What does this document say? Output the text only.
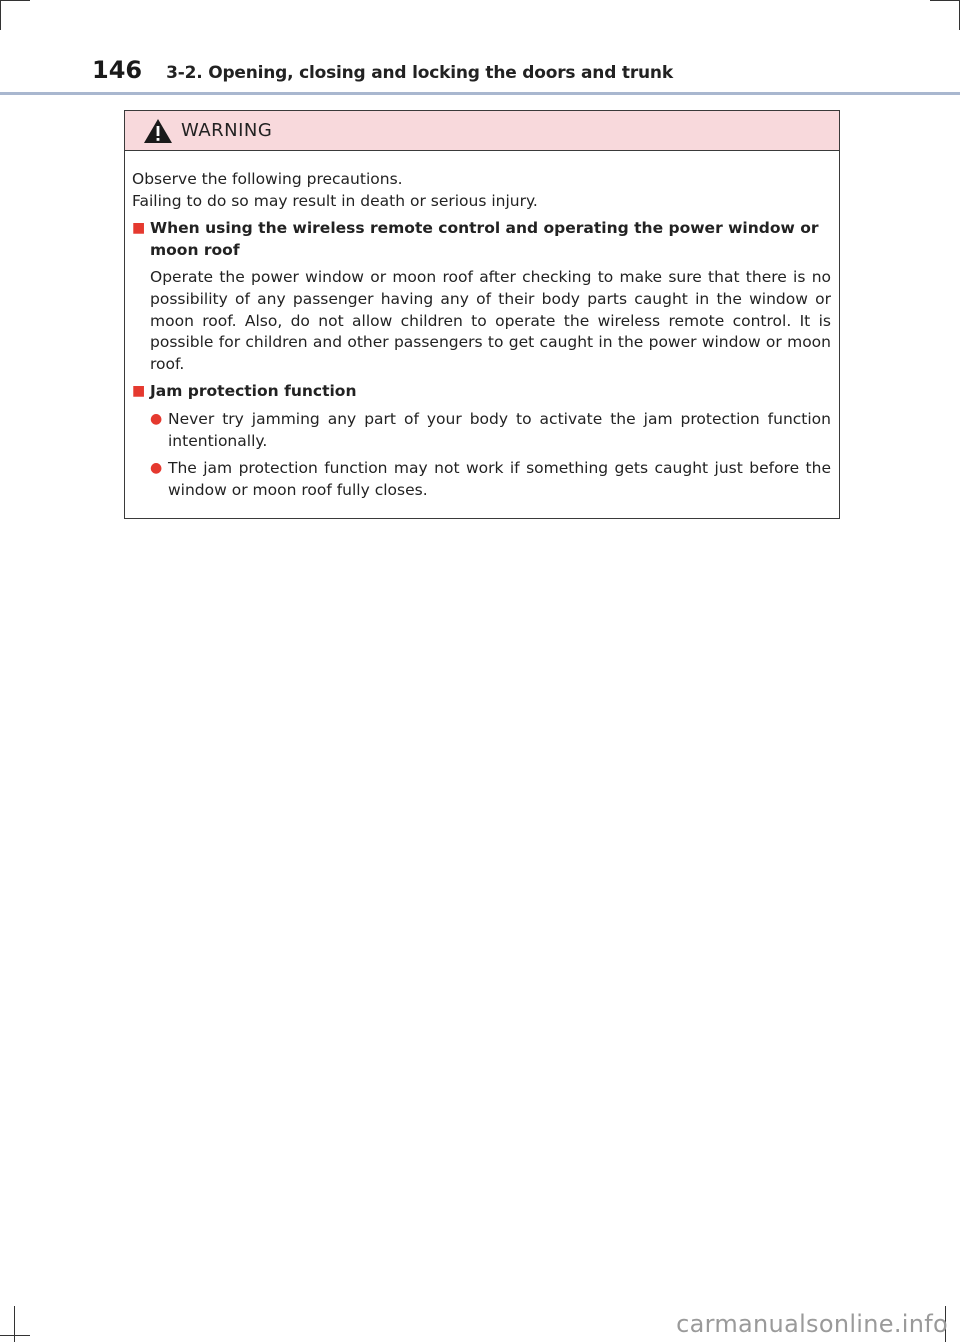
146 3-2. Opening, closing and locking the doors and trunk
WARNING

Observe the following precautions.

Failing to do so may result in death or serious injury.

■ When using the wireless remote control and operating the power window or moon roof
Operate the power window or moon roof after checking to make sure that there is no possibility of any passenger having any of their body parts caught in the window or moon roof. Also, do not allow children to operate the wireless remote control. It is possible for children and other passengers to get caught in the power window or moon roof.
■ Jam protection function
● Never try jamming any part of your body to activate the jam protection function intentionally.
● The jam protection function may not work if something gets caught just before the window or moon roof fully closes.
carmanualsonline.info
